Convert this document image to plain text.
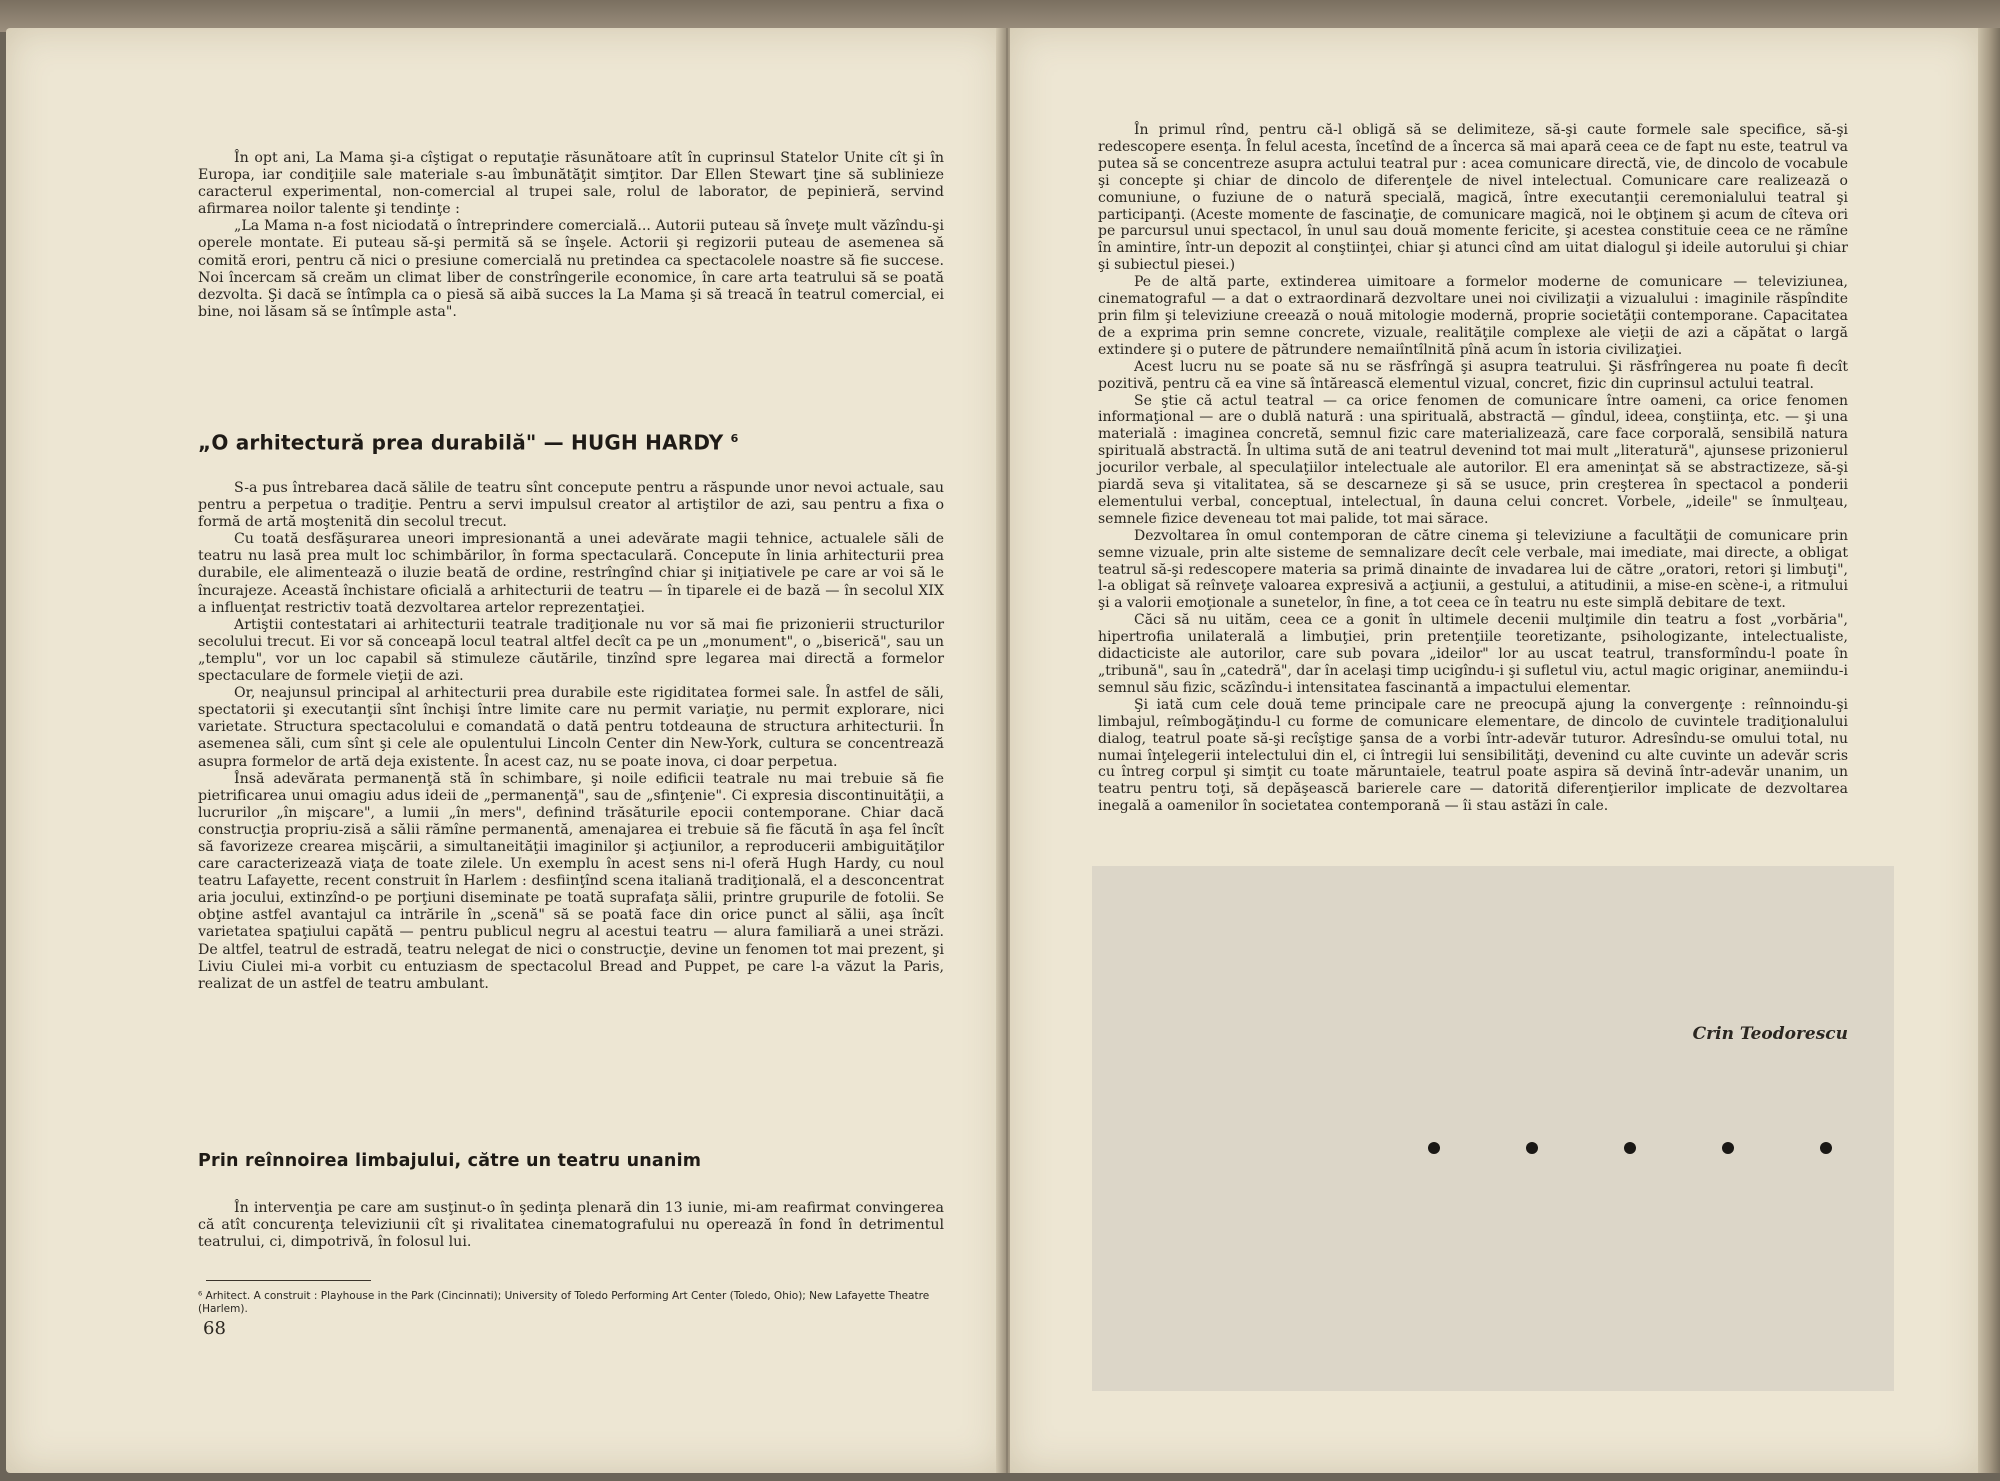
În opt ani, La Mama şi-a cîştigat o reputaţie răsunătoare atît în cuprinsul Statelor Unite cît şi în Europa, iar condiţiile sale materiale s-au îmbunătăţit simţitor. Dar Ellen Stewart ţine să sublinieze caracterul experimental, non-comercial al trupei sale, rolul de laborator, de pepinieră, servind afirmarea noilor talente şi tendinţe :

„La Mama n-a fost niciodată o întreprindere comercială... Autorii puteau să înveţe mult văzîndu-şi operele montate. Ei puteau să-şi permită să se înşele. Actorii şi regizorii puteau de asemenea să comită erori, pentru că nici o presiune comercială nu pretindea ca spectacolele noastre să fie succese. Noi încercam să creăm un climat liber de constrîngerile economice, în care arta teatrului să se poată dezvolta. Şi dacă se întîmpla ca o piesă să aibă succes la La Mama şi să treacă în teatrul comercial, ei bine, noi lăsam să se întîmple asta".

„O arhitectură prea durabilă" — HUGH HARDY $^6$

S-a pus întrebarea dacă sălile de teatru sînt concepute pentru a răspunde unor nevoi actuale, sau pentru a perpetua o tradiţie. Pentru a servi impulsul creator al artiştilor de azi, sau pentru a fixa o formă de artă moştenită din secolul trecut.

Cu toată desfăşurarea uneori impresionantă a unei adevărate magii tehnice, actualele săli de teatru nu lasă prea mult loc schimbărilor, în forma spectaculară. Concepute în linia arhitecturii prea durabile, ele alimentează o iluzie beată de ordine, restrîngînd chiar şi iniţiativele pe care ar voi să le încurajeze. Această închistare oficială a arhitecturii de teatru — în tiparele ei de bază — în secolul XIX a influenţat restrictiv toată dezvoltarea artelor reprezentaţiei.

Artiştii contestatari ai arhitecturii teatrale tradiţionale nu vor să mai fie prizonierii structurilor secolului trecut. Ei vor să conceapă locul teatral altfel decît ca pe un „monument", o „biserică", sau un „templu", vor un loc capabil să stimuleze căutările, tinzînd spre legarea mai directă a formelor spectaculare de formele vieţii de azi.

Or, neajunsul principal al arhitecturii prea durabile este rigiditatea formei sale. În astfel de săli, spectatorii şi executanţii sînt închişi între limite care nu permit variaţie, nu permit explorare, nici varietate. Structura spectacolului e comandată o dată pentru totdeauna de structura arhitecturii. În asemenea săli, cum sînt şi cele ale opulentului Lincoln Center din New-York, cultura se concentrează asupra formelor de artă deja existente. În acest caz, nu se poate inova, ci doar perpetua.

Însă adevărata permanenţă stă în schimbare, şi noile edificii teatrale nu mai trebuie să fie pietrificarea unui omagiu adus ideii de „permanenţă", sau de „sfinţenie". Ci expresia discontinuităţii, a lucrurilor „în mişcare", a lumii „în mers", definind trăsăturile epocii contemporane. Chiar dacă construcţia propriu-zisă a sălii rămîne permanentă, amenajarea ei trebuie să fie făcută în aşa fel încît să favorizeze crearea mişcării, a simultaneităţii imaginilor şi acţiunilor, a reproducerii ambiguităţilor care caracterizează viaţa de toate zilele. Un exemplu în acest sens ni-l oferă Hugh Hardy, cu noul teatru Lafayette, recent construit în Harlem : desfiinţînd scena italiană tradiţională, el a desconcentrat aria jocului, extinzînd-o pe porţiuni diseminate pe toată suprafaţa sălii, printre grupurile de fotolii. Se obţine astfel avantajul ca intrările în „scenă" să se poată face din orice punct al sălii, aşa încît varietatea spaţiului capătă — pentru publicul negru al acestui teatru — alura familiară a unei străzi. De altfel, teatrul de estradă, teatru nelegat de nici o construcţie, devine un fenomen tot mai prezent, şi Liviu Ciulei mi-a vorbit cu entuziasm de spectacolul Bread and Puppet, pe care l-a văzut la Paris, realizat de un astfel de teatru ambulant.

Prin reînnoirea limbajului, către un teatru unanim

În intervenţia pe care am susţinut-o în şedinţa plenară din 13 iunie, mi-am reafirmat convingerea că atît concurenţa televiziunii cît şi rivalitatea cinematografului nu operează în fond în detrimentul teatrului, ci, dimpotrivă, în folosul lui.

⁶ Arhitect. A construit : Playhouse in the Park (Cincinnati); University of Toledo Performing Art Center (Toledo, Ohio); New Lafayette Theatre (Harlem).
68

În primul rînd, pentru că-l obligă să se delimiteze, să-şi caute formele sale specifice, să-şi redescopere esenţa. În felul acesta, încetînd de a încerca să mai apară ceea ce de fapt nu este, teatrul va putea să se concentreze asupra actului teatral pur : acea comunicare directă, vie, de dincolo de vocabule şi concepte şi chiar de dincolo de diferenţele de nivel intelectual. Comunicare care realizează o comuniune, o fuziune de o natură specială, magică, între executanţii ceremonialului teatral şi participanţi. (Aceste momente de fascinaţie, de comunicare magică, noi le obţinem şi acum de cîteva ori pe parcursul unui spectacol, în unul sau două momente fericite, şi acestea constituie ceea ce ne rămîne în amintire, într-un depozit al conştiinţei, chiar şi atunci cînd am uitat dialogul şi ideile autorului şi chiar şi subiectul piesei.)

Pe de altă parte, extinderea uimitoare a formelor moderne de comunicare — televiziunea, cinematograful — a dat o extraordinară dezvoltare unei noi civilizaţii a vizualului : imaginile răspîndite prin film şi televiziune creează o nouă mitologie modernă, proprie societăţii contemporane. Capacitatea de a exprima prin semne concrete, vizuale, realităţile complexe ale vieţii de azi a căpătat o largă extindere şi o putere de pătrundere nemaiîntîlnită pînă acum în istoria civilizaţiei.

Acest lucru nu se poate să nu se răsfrîngă şi asupra teatrului. Şi răsfrîngerea nu poate fi decît pozitivă, pentru că ea vine să întărească elementul vizual, concret, fizic din cuprinsul actului teatral.

Se ştie că actul teatral — ca orice fenomen de comunicare între oameni, ca orice fenomen informaţional — are o dublă natură : una spirituală, abstractă — gîndul, ideea, conştiinţa, etc. — şi una materială : imaginea concretă, semnul fizic care materializează, care face corporală, sensibilă natura spirituală abstractă. În ultima sută de ani teatrul devenind tot mai mult „literatură", ajunsese prizonierul jocurilor verbale, al speculaţiilor intelectuale ale autorilor. El era ameninţat să se abstractizeze, să-şi piardă seva şi vitalitatea, să se descarneze şi să se usuce, prin creşterea în spectacol a ponderii elementului verbal, conceptual, intelectual, în dauna celui concret. Vorbele, „ideile" se înmulţeau, semnele fizice deveneau tot mai palide, tot mai sărace.

Dezvoltarea în omul contemporan de către cinema şi televiziune a facultăţii de comunicare prin semne vizuale, prin alte sisteme de semnalizare decît cele verbale, mai imediate, mai directe, a obligat teatrul să-şi redescopere materia sa primă dinainte de invadarea lui de către „oratori, retori şi limbuţi", l-a obligat să reînveţe valoarea expresivă a acţiunii, a gestului, a atitudinii, a mise-en scène-i, a ritmului şi a valorii emoţionale a sunetelor, în fine, a tot ceea ce în teatru nu este simplă debitare de text.

Căci să nu uităm, ceea ce a gonit în ultimele decenii mulţimile din teatru a fost „vorbăria", hipertrofia unilaterală a limbuţiei, prin pretenţiile teoretizante, psihologizante, intelectualiste, didacticiste ale autorilor, care sub povara „ideilor" lor au uscat teatrul, transformîndu-l poate în „tribună", sau în „catedră", dar în acelaşi timp ucigîndu-i şi sufletul viu, actul magic originar, anemiindu-i semnul său fizic, scăzîndu-i intensitatea fascinantă a impactului elementar.

Şi iată cum cele două teme principale care ne preocupă ajung la convergenţe : reînnoindu-şi limbajul, reîmbogăţindu-l cu forme de comunicare elementare, de dincolo de cuvintele tradiţionalului dialog, teatrul poate să-şi recîştige şansa de a vorbi într-adevăr tuturor. Adresîndu-se omului total, nu numai înţelegerii intelectului din el, ci întregii lui sensibilităţi, devenind cu alte cuvinte un adevăr scris cu întreg corpul şi simţit cu toate măruntaiele, teatrul poate aspira să devină într-adevăr unanim, un teatru pentru toţi, să depăşească barierele care — datorită diferenţierilor implicate de dezvoltarea inegală a oamenilor în societatea contemporană — îi stau astăzi în cale.

Crin Teodorescu
